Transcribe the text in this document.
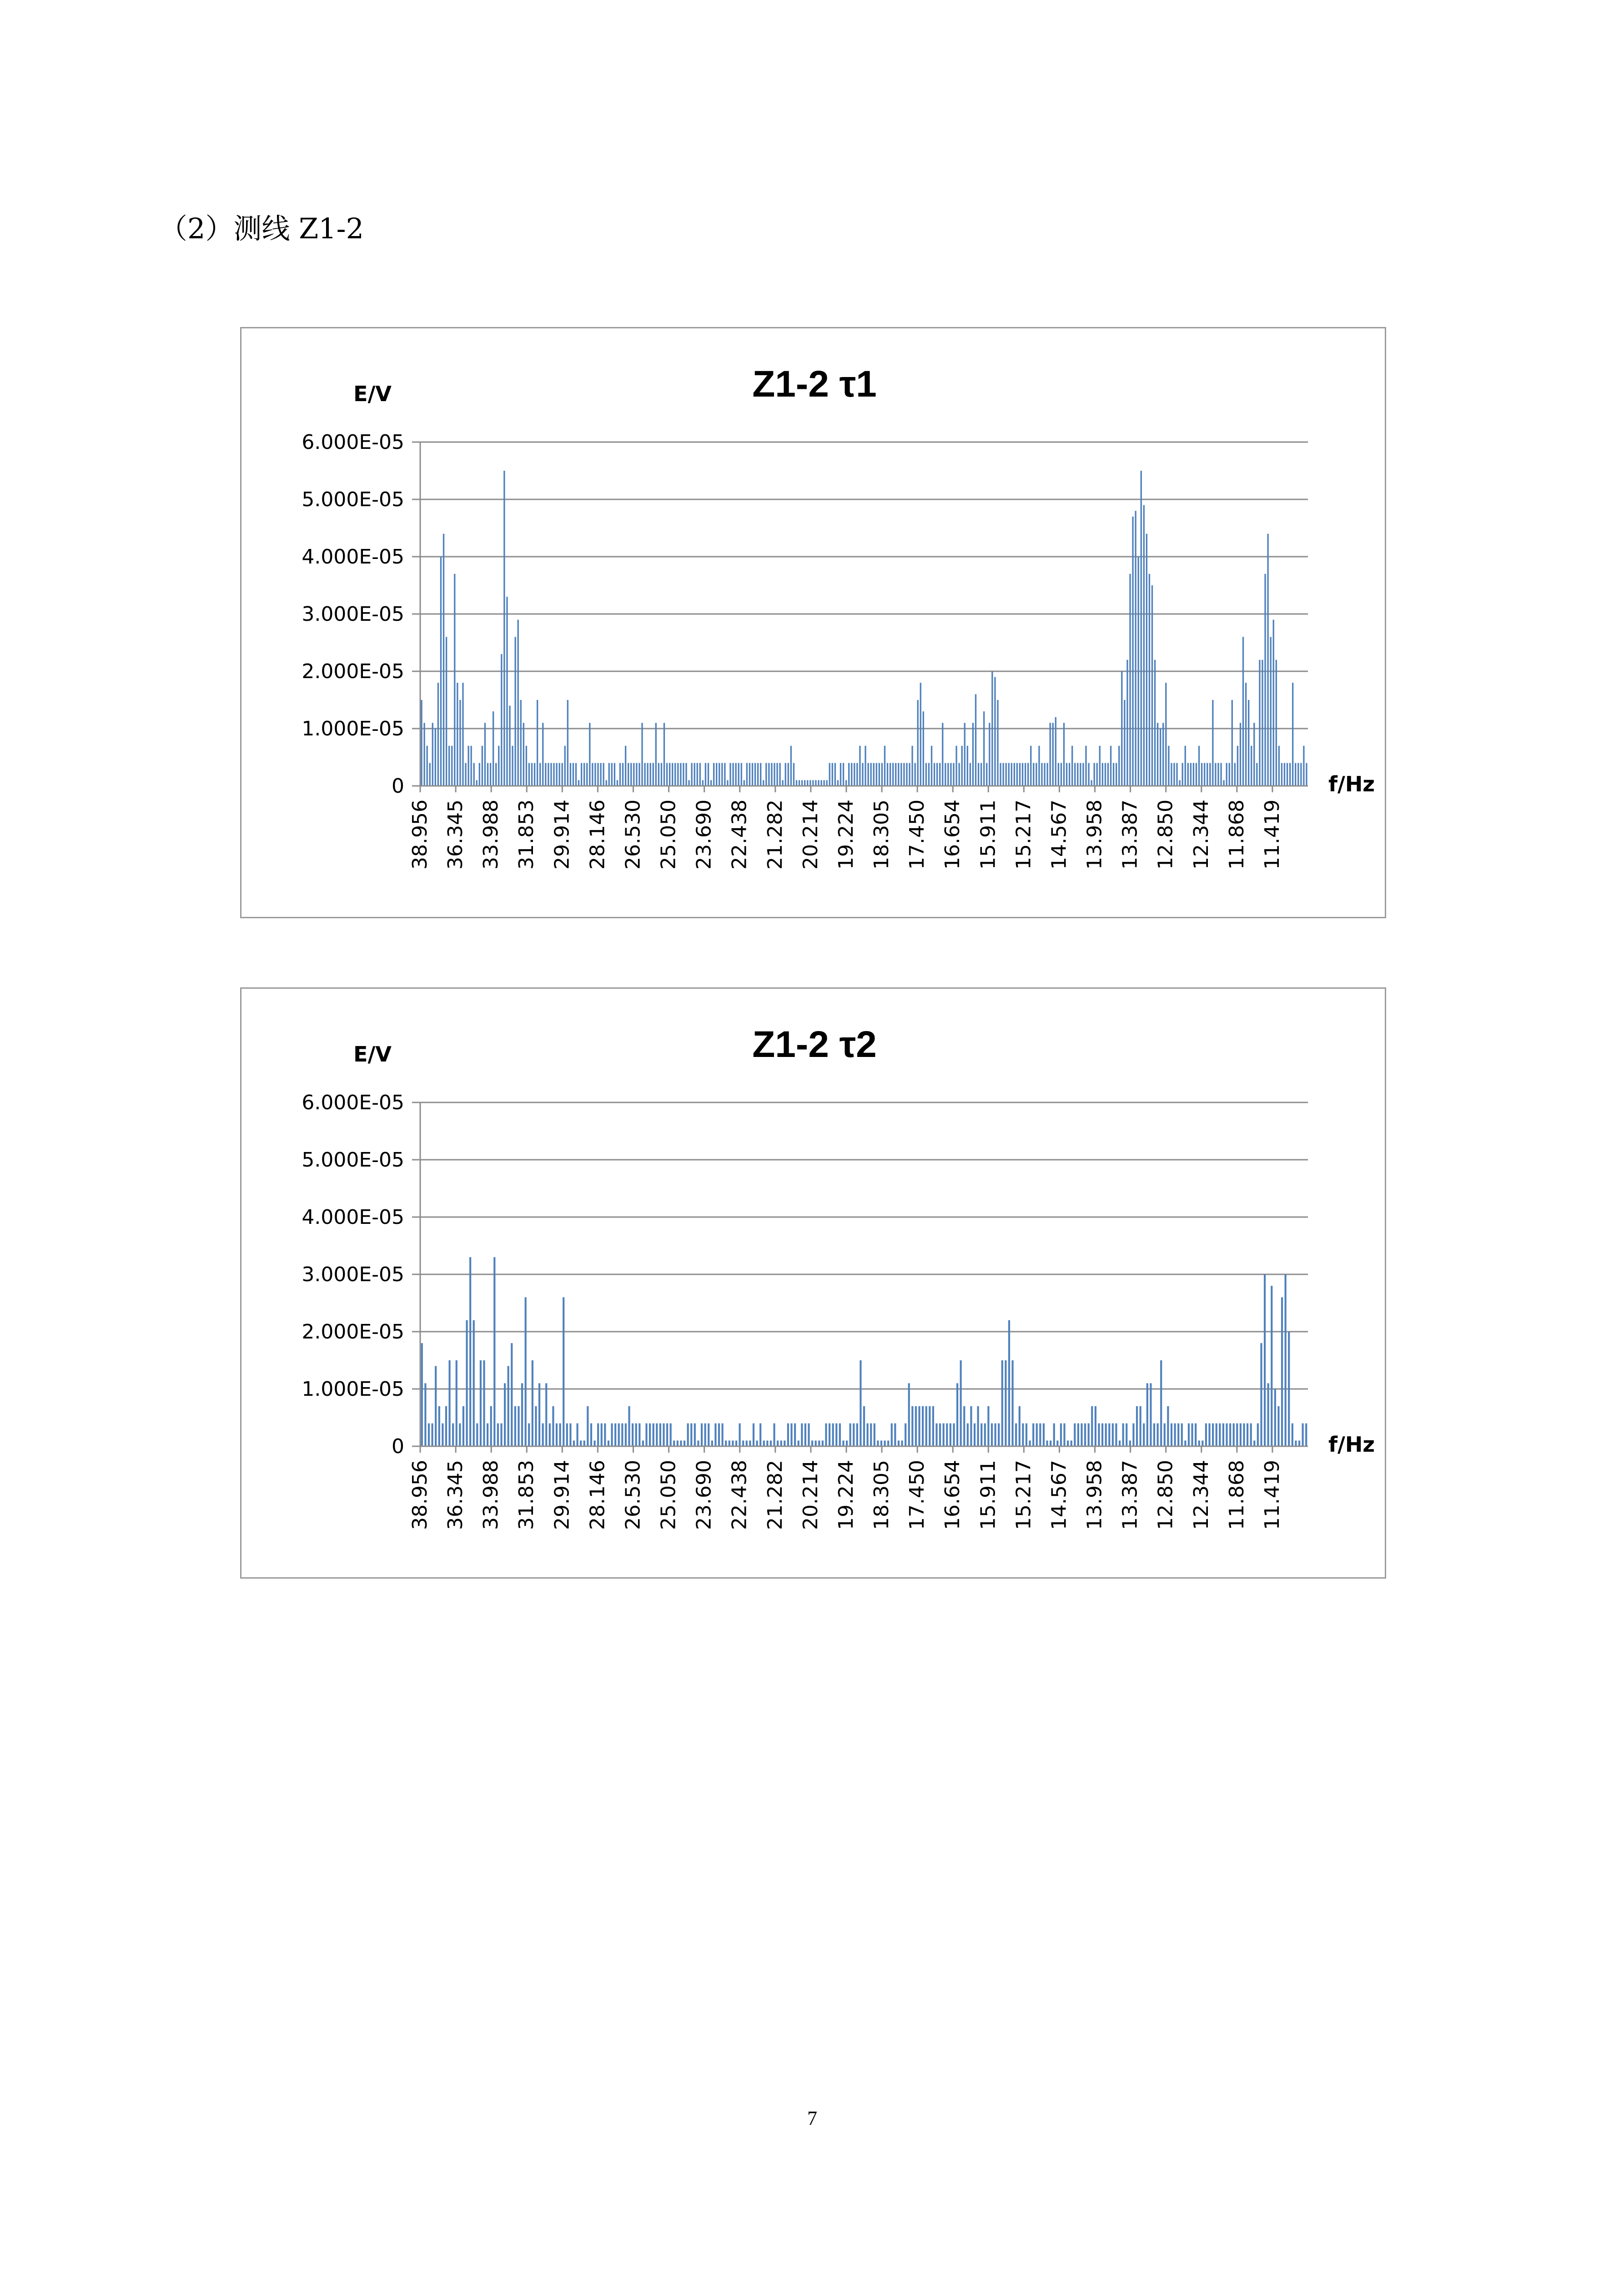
（2）测线 Z1-2
Z1-2 τ1
E/V
0
1.000E-05
2.000E-05
3.000E-05
4.000E-05
5.000E-05
6.000E-05
38.956 36.345 33.988 31.853 29.914 28.146 26.530 25.050 23.690 22.438 21.282 20.214 19.224 18.305 17.450 16.654 15.911 15.217 14.567 13.958 13.387 12.850 12.344 11.868 11.419
f/Hz
Z1-2 τ2
E/V
0
1.000E-05
2.000E-05
3.000E-05
4.000E-05
5.000E-05
6.000E-05
38.956 36.345 33.988 31.853 29.914 28.146 26.530 25.050 23.690 22.438 21.282 20.214 19.224 18.305 17.450 16.654 15.911 15.217 14.567 13.958 13.387 12.850 12.344 11.868 11.419
f/Hz
7
